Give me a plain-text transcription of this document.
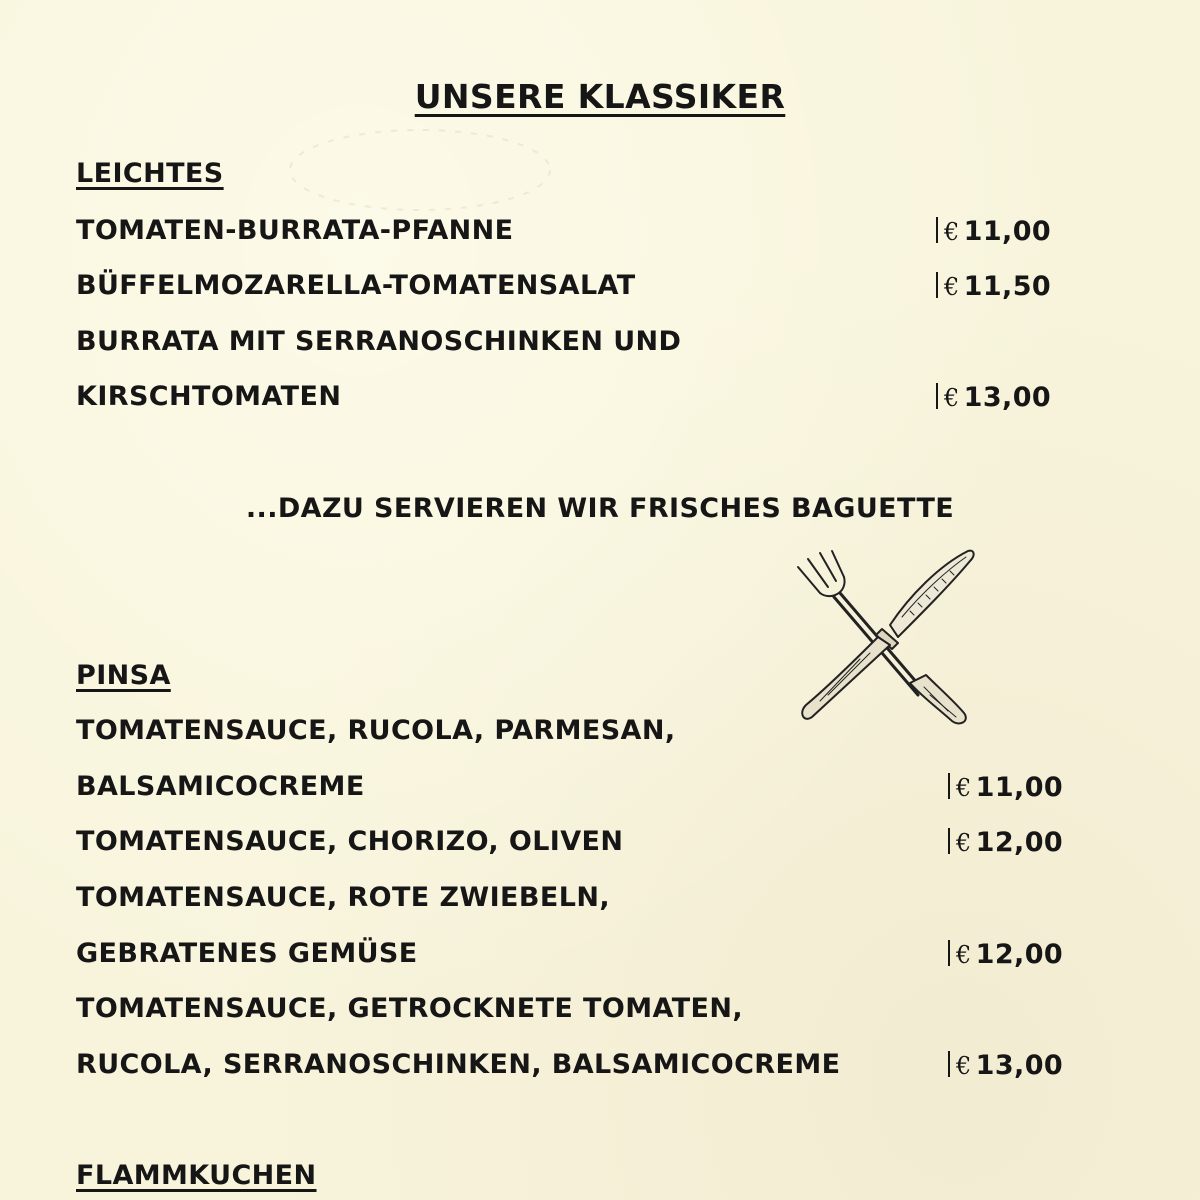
UNSERE KLASSIKER
LEICHTES
TOMATEN-BURRATA-PFANNE	€ 11,00
BÜFFELMOZARELLA-TOMATENSALAT	€ 11,50
BURRATA MIT SERRANOSCHINKEN UND
KIRSCHTOMATEN	€ 13,00
...DAZU SERVIEREN WIR FRISCHES BAGUETTE
PINSA
TOMATENSAUCE, RUCOLA, PARMESAN,
BALSAMICOCREME	€ 11,00
TOMATENSAUCE, CHORIZO, OLIVEN	€ 12,00
TOMATENSAUCE, ROTE ZWIEBELN,
GEBRATENES GEMÜSE	€ 12,00
TOMATENSAUCE, GETROCKNETE TOMATEN,
RUCOLA, SERRANOSCHINKEN, BALSAMICOCREME	€ 13,00
FLAMMKUCHEN
